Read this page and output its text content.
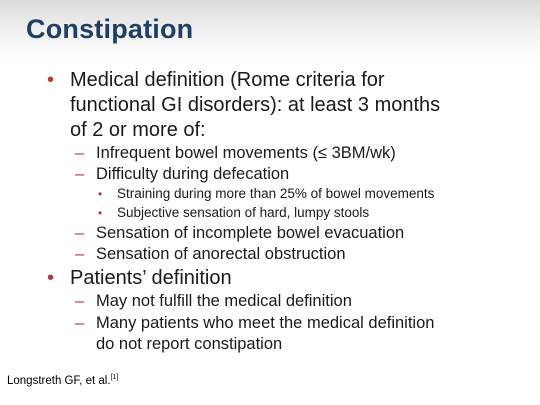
Constipation
• Medical definition (Rome criteria for
functional GI disorders): at least 3 months
of 2 or more of:
– Infrequent bowel movements (≤ 3BM/wk)
– Difficulty during defecation
• Straining during more than 25% of bowel movements
• Subjective sensation of hard, lumpy stools
– Sensation of incomplete bowel evacuation
– Sensation of anorectal obstruction
• Patients’ definition
– May not fulfill the medical definition
– Many patients who meet the medical definition
do not report constipation
Longstreth GF, et al.[1]
